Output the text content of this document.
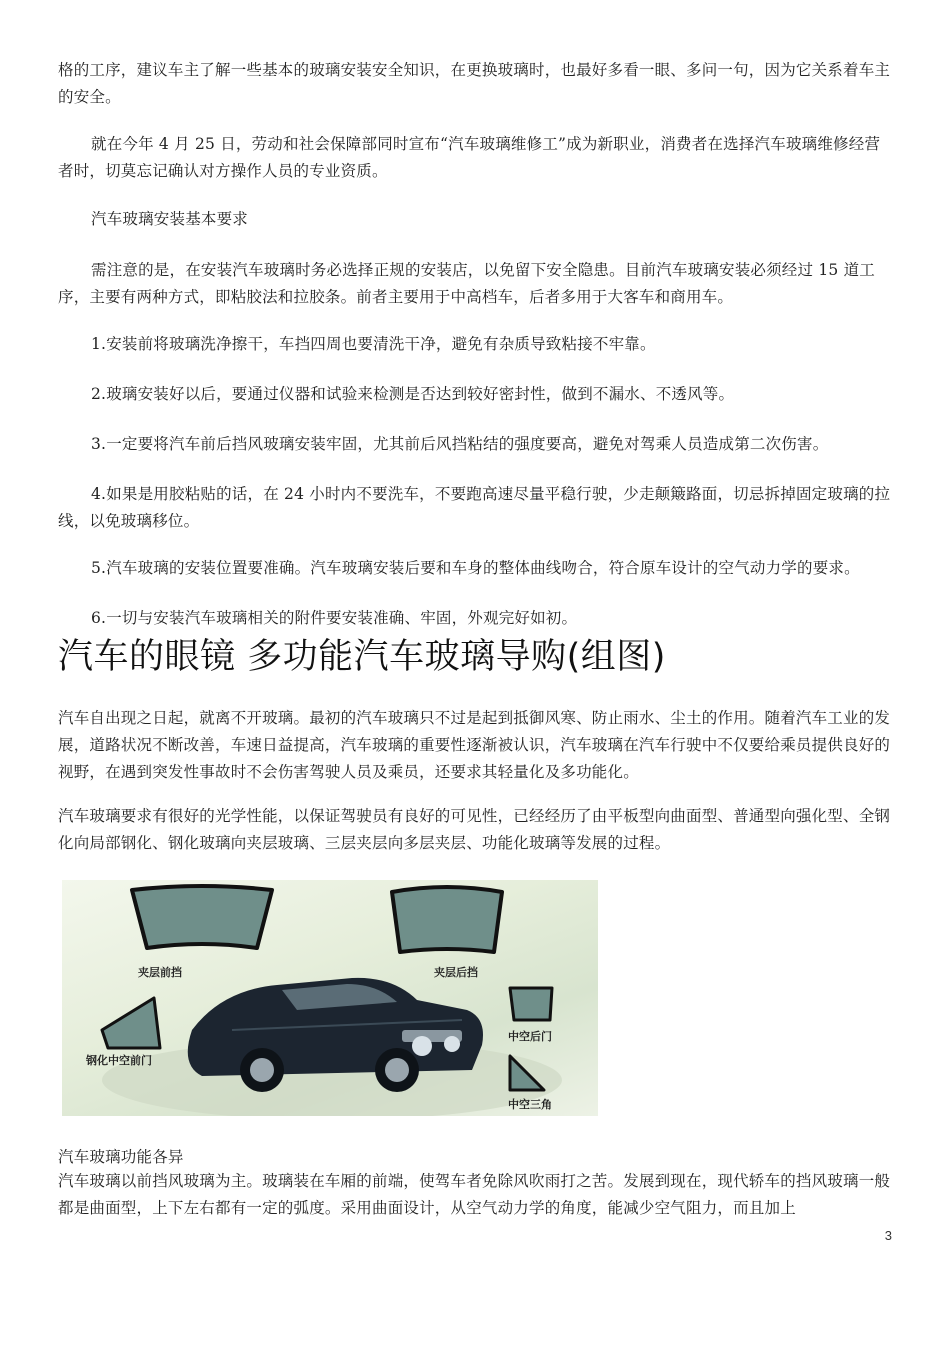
格的工序，建议车主了解一些基本的玻璃安装安全知识，在更换玻璃时，也最好多看一眼、多问一句，因为它关系着车主的安全。

就在今年 4 月 25 日，劳动和社会保障部同时宣布“汽车玻璃维修工”成为新职业，消费者在选择汽车玻璃维修经营者时，切莫忘记确认对方操作人员的专业资质。

汽车玻璃安装基本要求

需注意的是，在安装汽车玻璃时务必选择正规的安装店，以免留下安全隐患。目前汽车玻璃安装必须经过 15 道工序，主要有两种方式，即粘胶法和拉胶条。前者主要用于中高档车，后者多用于大客车和商用车。

1.安装前将玻璃洗净擦干，车挡四周也要清洗干净，避免有杂质导致粘接不牢靠。

2.玻璃安装好以后，要通过仪器和试验来检测是否达到较好密封性，做到不漏水、不透风等。

3.一定要将汽车前后挡风玻璃安装牢固，尤其前后风挡粘结的强度要高，避免对驾乘人员造成第二次伤害。

4.如果是用胶粘贴的话，在 24 小时内不要洗车，不要跑高速尽量平稳行驶，少走颠簸路面，切忌拆掉固定玻璃的拉线，以免玻璃移位。

5.汽车玻璃的安装位置要准确。汽车玻璃安装后要和车身的整体曲线吻合，符合原车设计的空气动力学的要求。

6.一切与安装汽车玻璃相关的附件要安装准确、牢固，外观完好如初。

汽车的眼镜 多功能汽车玻璃导购(组图)

汽车自出现之日起，就离不开玻璃。最初的汽车玻璃只不过是起到抵御风寒、防止雨水、尘土的作用。随着汽车工业的发展，道路状况不断改善，车速日益提高，汽车玻璃的重要性逐渐被认识，汽车玻璃在汽车行驶中不仅要给乘员提供良好的视野，在遇到突发性事故时不会伤害驾驶人员及乘员，还要求其轻量化及多功能化。

汽车玻璃要求有很好的光学性能，以保证驾驶员有良好的可见性，已经经历了由平板型向曲面型、普通型向强化型、全钢化向局部钢化、钢化玻璃向夹层玻璃、三层夹层向多层夹层、功能化玻璃等发展的过程。

夹层前挡	夹层后挡
钢化中空前门
中空后门
中空三角

汽车玻璃功能各异

汽车玻璃以前挡风玻璃为主。玻璃装在车厢的前端，使驾车者免除风吹雨打之苦。发展到现在，现代轿车的挡风玻璃一般都是曲面型，上下左右都有一定的弧度。采用曲面设计，从空气动力学的角度，能减少空气阻力，而且加上

3
